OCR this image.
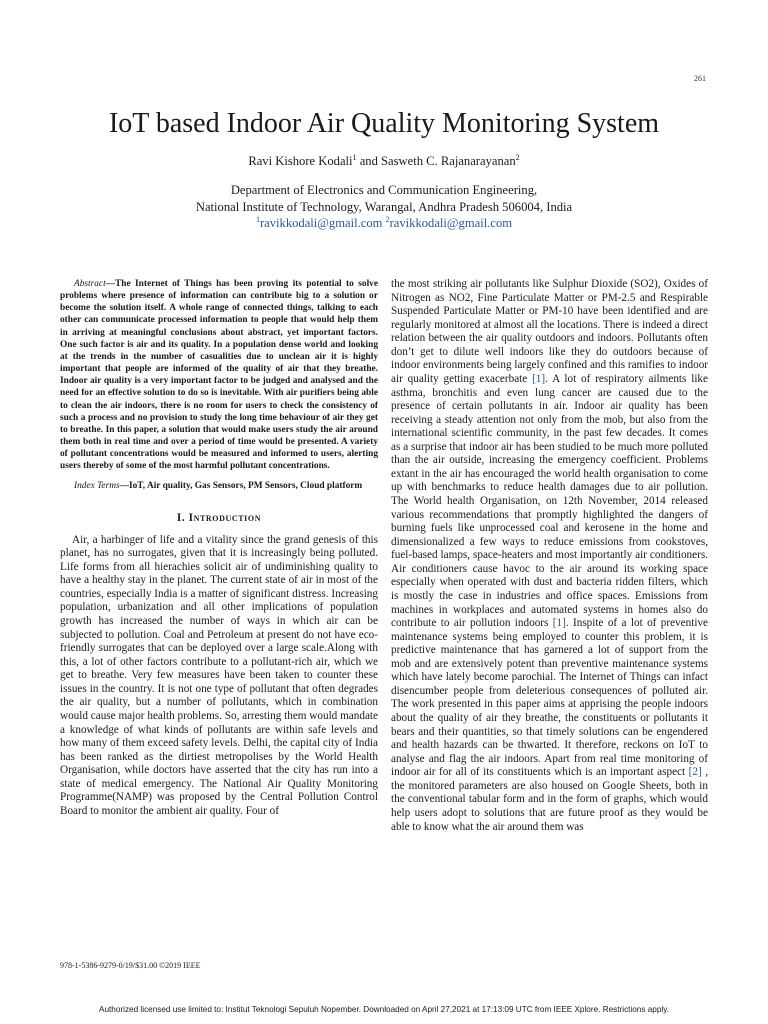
261
IoT based Indoor Air Quality Monitoring System
Ravi Kishore Kodali$^1$ and Sasweth C. Rajanarayanan$^2$
Department of Electronics and Communication Engineering,
National Institute of Technology, Warangal, Andhra Pradesh 506004, India
$^1$ravikkodali@gmail.com $^2$ravikkodali@gmail.com

Abstract—The Internet of Things has been proving its potential to solve problems where presence of information can contribute big to a solution or become the solution itself. A whole range of connected things, talking to each other can communicate processed information to people that would help them in arriving at meaningful conclusions about abstract, yet important factors. One such factor is air and its quality. In a population dense world and looking at the trends in the number of casualities due to unclean air it is highly important that people are informed of the quality of air that they breathe. Indoor air quality is a very important factor to be judged and analysed and the need for an effective solution to do so is inevitable. With air purifiers being able to clean the air indoors, there is no room for users to check the consistency of such a process and no provision to study the long time behaviour of air they get to breathe. In this paper, a solution that would make users study the air around them both in real time and over a period of time would be presented. A variety of pollutant concentrations would be measured and informed to users, alerting users thereby of some of the most harmful pollutant concentrations.

Index Terms—IoT, Air quality, Gas Sensors, PM Sensors, Cloud platform

I. Introduction

Air, a harbinger of life and a vitality since the grand genesis of this planet, has no surrogates, given that it is increasingly being polluted. Life forms from all hierachies solicit air of undiminishing quality to have a healthy stay in the planet. The current state of air in most of the countries, especially India is a matter of significant distress. Increasing population, urbanization and all other implications of population growth has increased the number of ways in which air can be subjected to pollution. Coal and Petroleum at present do not have eco-friendly surrogates that can be deployed over a large scale.Along with this, a lot of other factors contribute to a pollutant-rich air, which we get to breathe. Very few measures have been taken to counter these issues in the country. It is not one type of pollutant that often degrades the air quality, but a number of pollutants, which in combination would cause major health problems. So, arresting them would mandate a knowledge of what kinds of pollutants are within safe levels and how many of them exceed safety levels. Delhi, the capital city of India has been ranked as the dirtiest metropolises by the World Health Organisation, while doctors have asserted that the city has run into a state of medical emergency. The National Air Quality Monitoring Programme(NAMP) was proposed by the Central Pollution Control Board to monitor the ambient air quality. Four of

the most striking air pollutants like Sulphur Dioxide (SO2), Oxides of Nitrogen as NO2, Fine Particulate Matter or PM-2.5 and Respirable Suspended Particulate Matter or PM-10 have been identified and are regularly monitored at almost all the locations. There is indeed a direct relation between the air quality outdoors and indoors. Pollutants often don’t get to dilute well indoors like they do outdoors because of indoor environments being largely confined and this ramifies to indoor air quality getting exacerbate [1]. A lot of respiratory ailments like asthma, bronchitis and even lung cancer are caused due to the presence of certain pollutants in air. Indoor air quality has been receiving a steady attention not only from the mob, but also from the international scientific community, in the past few decades. It comes as a surprise that indoor air has been studied to be much more polluted than the air outside, increasing the emergency coefficient. Problems extant in the air has encouraged the world health organisation to come up with benchmarks to reduce health damages due to air pollution. The World health Organisation, on 12th November, 2014 released various recommendations that promptly highlighted the dangers of burning fuels like unprocessed coal and kerosene in the home and dimensionalized a few ways to reduce emissions from cookstoves, fuel-based lamps, space-heaters and most importantly air conditioners. Air conditioners cause havoc to the air around its working space especially when operated with dust and bacteria ridden filters, which is mostly the case in industries and office spaces. Emissions from machines in workplaces and automated systems in homes also do contribute to air pollution indoors [1]. Inspite of a lot of preventive maintenance systems being employed to counter this problem, it is predictive maintenance that has garnered a lot of support from the mob and are extensively potent than preventive maintenance systems which have lately become parochial. The Internet of Things can infact disencumber people from deleterious consequences of polluted air. The work presented in this paper aims at apprising the people indoors about the quality of air they breathe, the constituents or pollutants it bears and their quantities, so that timely solutions can be engendered and health hazards can be thwarted. It therefore, reckons on IoT to analyse and flag the air indoors. Apart from real time monitoring of indoor air for all of its constituents which is an important aspect [2] , the monitored parameters are also housed on Google Sheets, both in the conventional tabular form and in the form of graphs, which would help users adopt to solutions that are future proof as they would be able to know what the air around them was

978-1-5386-9279-0/19/$31.00 ©2019 IEEE
Authorized licensed use limited to: Institut Teknologi Sepuluh Nopember. Downloaded on April 27,2021 at 17:13:09 UTC from IEEE Xplore. Restrictions apply.
